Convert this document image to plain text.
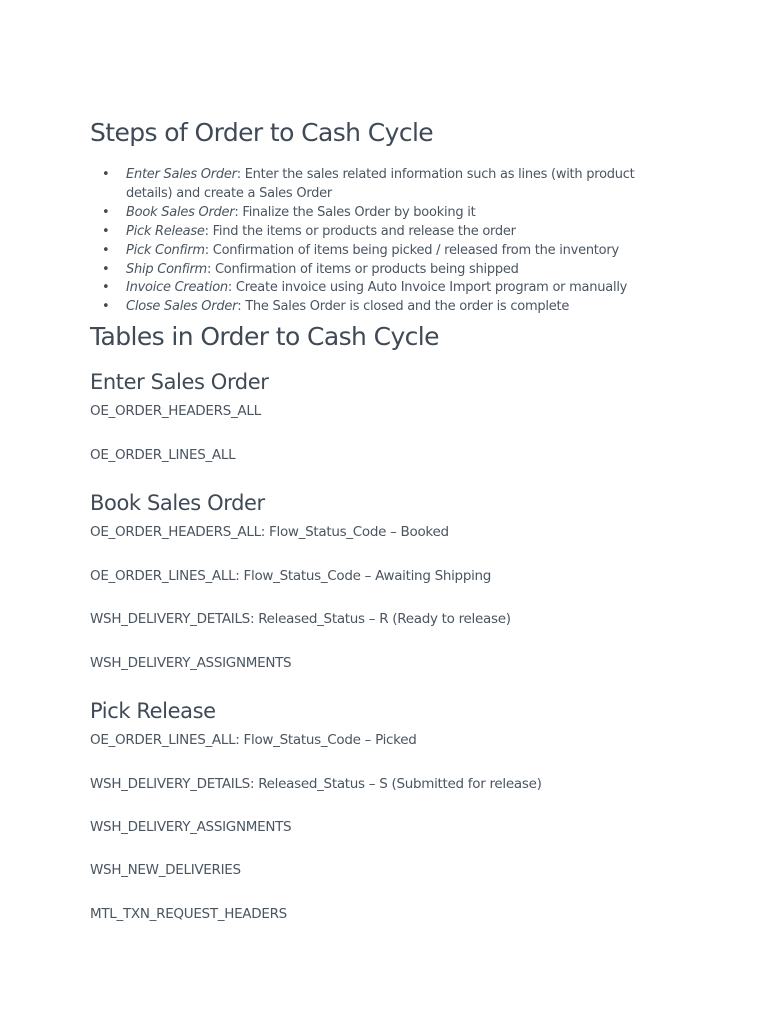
Steps of Order to Cash Cycle
• Enter Sales Order: Enter the sales related information such as lines (with product details) and create a Sales Order
• Book Sales Order: Finalize the Sales Order by booking it
• Pick Release: Find the items or products and release the order
• Pick Confirm: Confirmation of items being picked / released from the inventory
• Ship Confirm: Confirmation of items or products being shipped
• Invoice Creation: Create invoice using Auto Invoice Import program or manually
• Close Sales Order: The Sales Order is closed and the order is complete
Tables in Order to Cash Cycle
Enter Sales Order

OE_ORDER_HEADERS_ALL

OE_ORDER_LINES_ALL

Book Sales Order

OE_ORDER_HEADERS_ALL: Flow_Status_Code – Booked

OE_ORDER_LINES_ALL: Flow_Status_Code – Awaiting Shipping

WSH_DELIVERY_DETAILS: Released_Status – R (Ready to release)

WSH_DELIVERY_ASSIGNMENTS

Pick Release

OE_ORDER_LINES_ALL: Flow_Status_Code – Picked

WSH_DELIVERY_DETAILS: Released_Status – S (Submitted for release)

WSH_DELIVERY_ASSIGNMENTS

WSH_NEW_DELIVERIES

MTL_TXN_REQUEST_HEADERS
